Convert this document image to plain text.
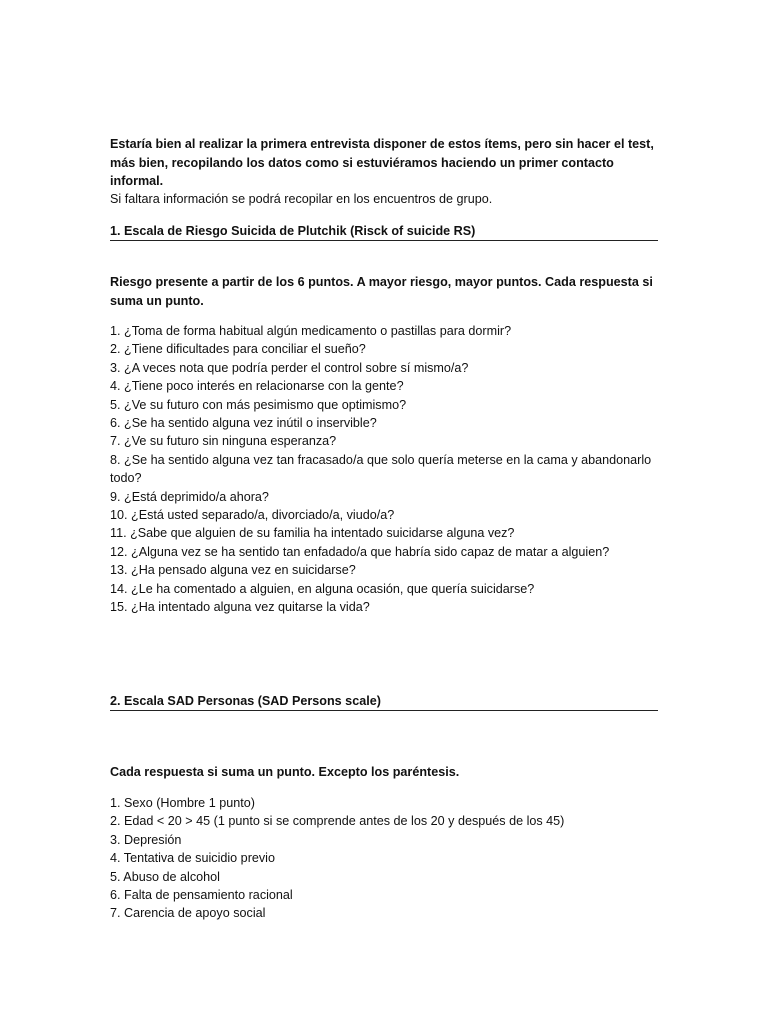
Estaría bien al realizar la primera entrevista disponer de estos ítems, pero sin hacer el test, más bien, recopilando los datos como si estuviéramos haciendo un primer contacto informal.

Si faltara información se podrá recopilar en los encuentros de grupo.

1. Escala de Riesgo Suicida de Plutchik (Risck of suicide RS)

Riesgo presente a partir de los 6 puntos. A mayor riesgo, mayor puntos. Cada respuesta si suma un punto.

1. ¿Toma de forma habitual algún medicamento o pastillas para dormir?
2. ¿Tiene dificultades para conciliar el sueño?
3. ¿A veces nota que podría perder el control sobre sí mismo/a?
4. ¿Tiene poco interés en relacionarse con la gente?
5. ¿Ve su futuro con más pesimismo que optimismo?
6. ¿Se ha sentido alguna vez inútil o inservible?
7. ¿Ve su futuro sin ninguna esperanza?
8. ¿Se ha sentido alguna vez tan fracasado/a que solo quería meterse en la cama y abandonarlo todo?
9. ¿Está deprimido/a ahora?
10. ¿Está usted separado/a, divorciado/a, viudo/a?
11. ¿Sabe que alguien de su familia ha intentado suicidarse alguna vez?
12. ¿Alguna vez se ha sentido tan enfadado/a que habría sido capaz de matar a alguien?
13. ¿Ha pensado alguna vez en suicidarse?
14. ¿Le ha comentado a alguien, en alguna ocasión, que quería suicidarse?
15. ¿Ha intentado alguna vez quitarse la vida?
2. Escala SAD Personas (SAD Persons scale)

Cada respuesta si suma un punto. Excepto los paréntesis.

1. Sexo (Hombre 1 punto)
2. Edad < 20 > 45 (1 punto si se comprende antes de los 20 y después de los 45)
3. Depresión
4. Tentativa de suicidio previo
5. Abuso de alcohol
6. Falta de pensamiento racional
7. Carencia de apoyo social
